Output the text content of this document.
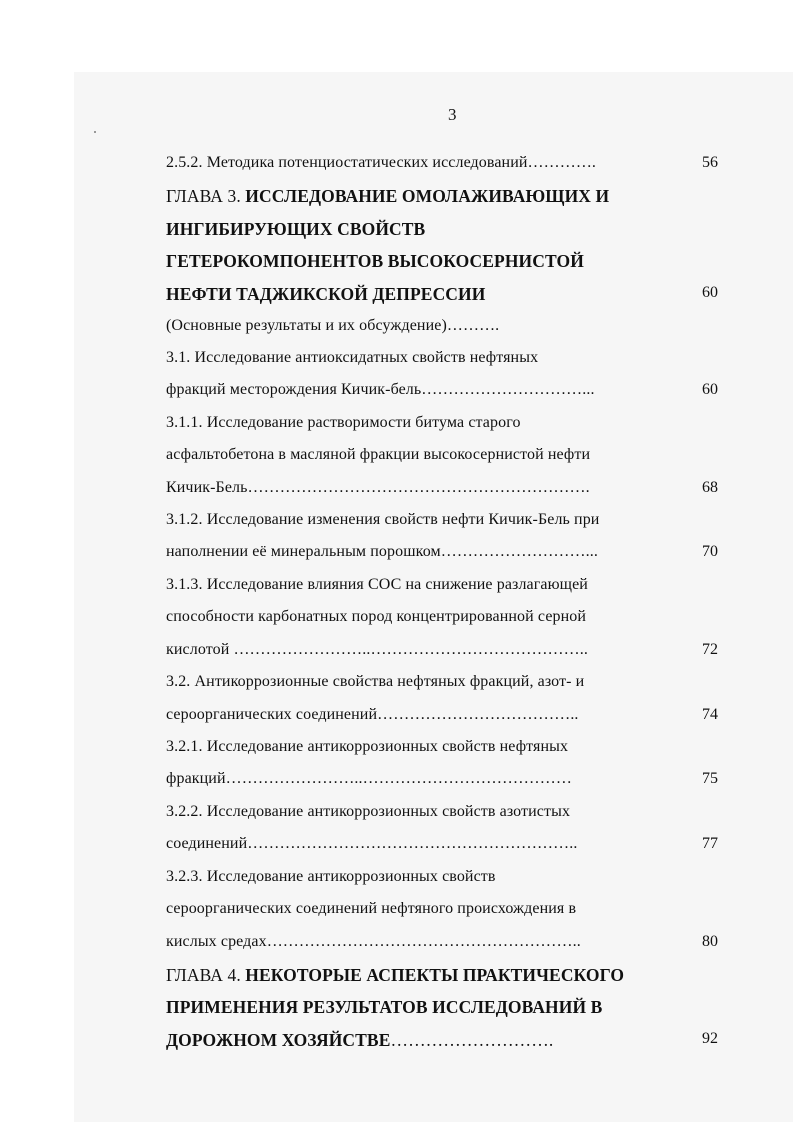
3
2.5.2. Методика потенциостатических исследований………….	56
ГЛАВА 3. ИССЛЕДОВАНИЕ ОМОЛАЖИВАЮЩИХ И
ИНГИБИРУЮЩИХ СВОЙСТВ
ГЕТЕРОКОМПОНЕНТОВ ВЫСОКОСЕРНИСТОЙ
НЕФТИ ТАДЖИКСКОЙ ДЕПРЕССИИ	60
(Основные результаты и их обсуждение)……….
3.1. Исследование антиоксидатных свойств нефтяных
фракций месторождения Кичик-бель…………………………...	60
3.1.1. Исследование растворимости битума старого
асфальтобетона в масляной фракции высокосернистой нефти
Кичик-Бель……………………………………………………….	68
3.1.2. Исследование изменения свойств нефти Кичик-Бель при
наполнении её минеральным порошком………………………...	70
3.1.3. Исследование влияния СОС на снижение разлагающей
способности карбонатных пород концентрированной серной
кислотой ……………………..…………………………………..	72
3.2. Антикоррозионные свойства нефтяных фракций, азот- и
сероорганических соединений………………………………..	74
3.2.1. Исследование антикоррозионных свойств нефтяных
фракций……………………..…………………………………	75
3.2.2. Исследование антикоррозионных свойств азотистых
соединений……………………………………………………..	77
3.2.3. Исследование антикоррозионных свойств
сероорганических соединений нефтяного происхождения в
кислых средах…………………………………………………..	80
ГЛАВА 4. НЕКОТОРЫЕ АСПЕКТЫ ПРАКТИЧЕСКОГО
ПРИМЕНЕНИЯ РЕЗУЛЬТАТОВ ИССЛЕДОВАНИЙ В
ДОРОЖНОМ ХОЗЯЙСТВЕ……………………….	92
